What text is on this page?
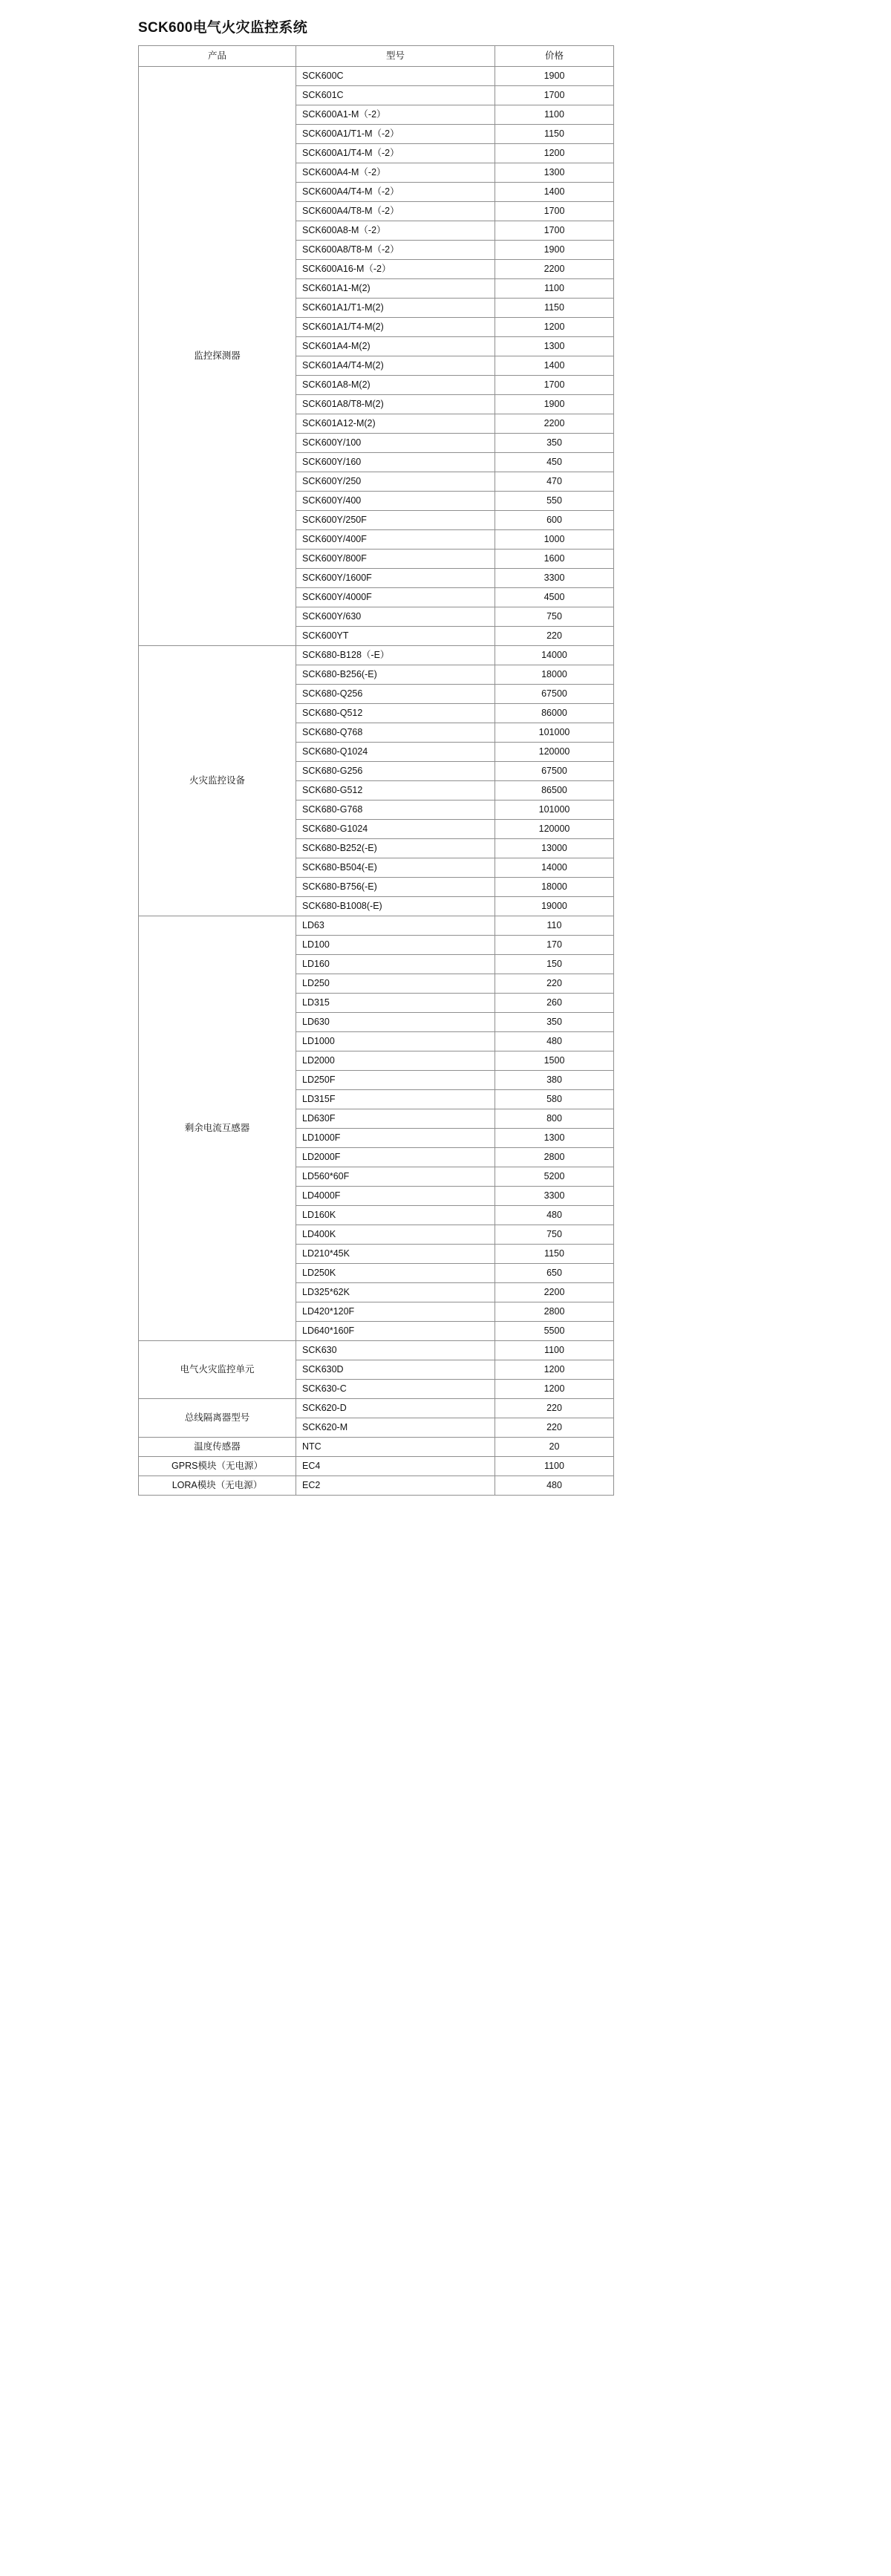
SCK600电气火灾监控系统
产品	型号	价格
监控探测器	SCK600C	1900
	SCK601C	1700
	SCK600A1-M（-2）	1100
	SCK600A1/T1-M（-2）	1150
	SCK600A1/T4-M（-2）	1200
	SCK600A4-M（-2）	1300
	SCK600A4/T4-M（-2）	1400
	SCK600A4/T8-M（-2）	1700
	SCK600A8-M（-2）	1700
	SCK600A8/T8-M（-2）	1900
	SCK600A16-M（-2）	2200
	SCK601A1-M(2)	1100
	SCK601A1/T1-M(2)	1150
	SCK601A1/T4-M(2)	1200
	SCK601A4-M(2)	1300
	SCK601A4/T4-M(2)	1400
	SCK601A8-M(2)	1700
	SCK601A8/T8-M(2)	1900
	SCK601A12-M(2)	2200
	SCK600Y/100	350
	SCK600Y/160	450
	SCK600Y/250	470
	SCK600Y/400	550
	SCK600Y/250F	600
	SCK600Y/400F	1000
	SCK600Y/800F	1600
	SCK600Y/1600F	3300
	SCK600Y/4000F	4500
	SCK600Y/630	750
	SCK600YT	220
火灾监控设备	SCK680-B128（-E）	14000
	SCK680-B256(-E)	18000
	SCK680-Q256	67500
	SCK680-Q512	86000
	SCK680-Q768	101000
	SCK680-Q1024	120000
	SCK680-G256	67500
	SCK680-G512	86500
	SCK680-G768	101000
	SCK680-G1024	120000
	SCK680-B252(-E)	13000
	SCK680-B504(-E)	14000
	SCK680-B756(-E)	18000
	SCK680-B1008(-E)	19000
剩余电流互感器	LD63	110
	LD100	170
	LD160	150
	LD250	220
	LD315	260
	LD630	350
	LD1000	480
	LD2000	1500
	LD250F	380
	LD315F	580
	LD630F	800
	LD1000F	1300
	LD2000F	2800
	LD560*60F	5200
	LD4000F	3300
	LD160K	480
	LD400K	750
	LD210*45K	1150
	LD250K	650
	LD325*62K	2200
	LD420*120F	2800
	LD640*160F	5500
电气火灾监控单元	SCK630	1100
	SCK630D	1200
	SCK630-C	1200
总线隔离器型号	SCK620-D	220
	SCK620-M	220
温度传感器	NTC	20
GPRS模块（无电源）	EC4	1100
LORA模块（无电源）	EC2	480
